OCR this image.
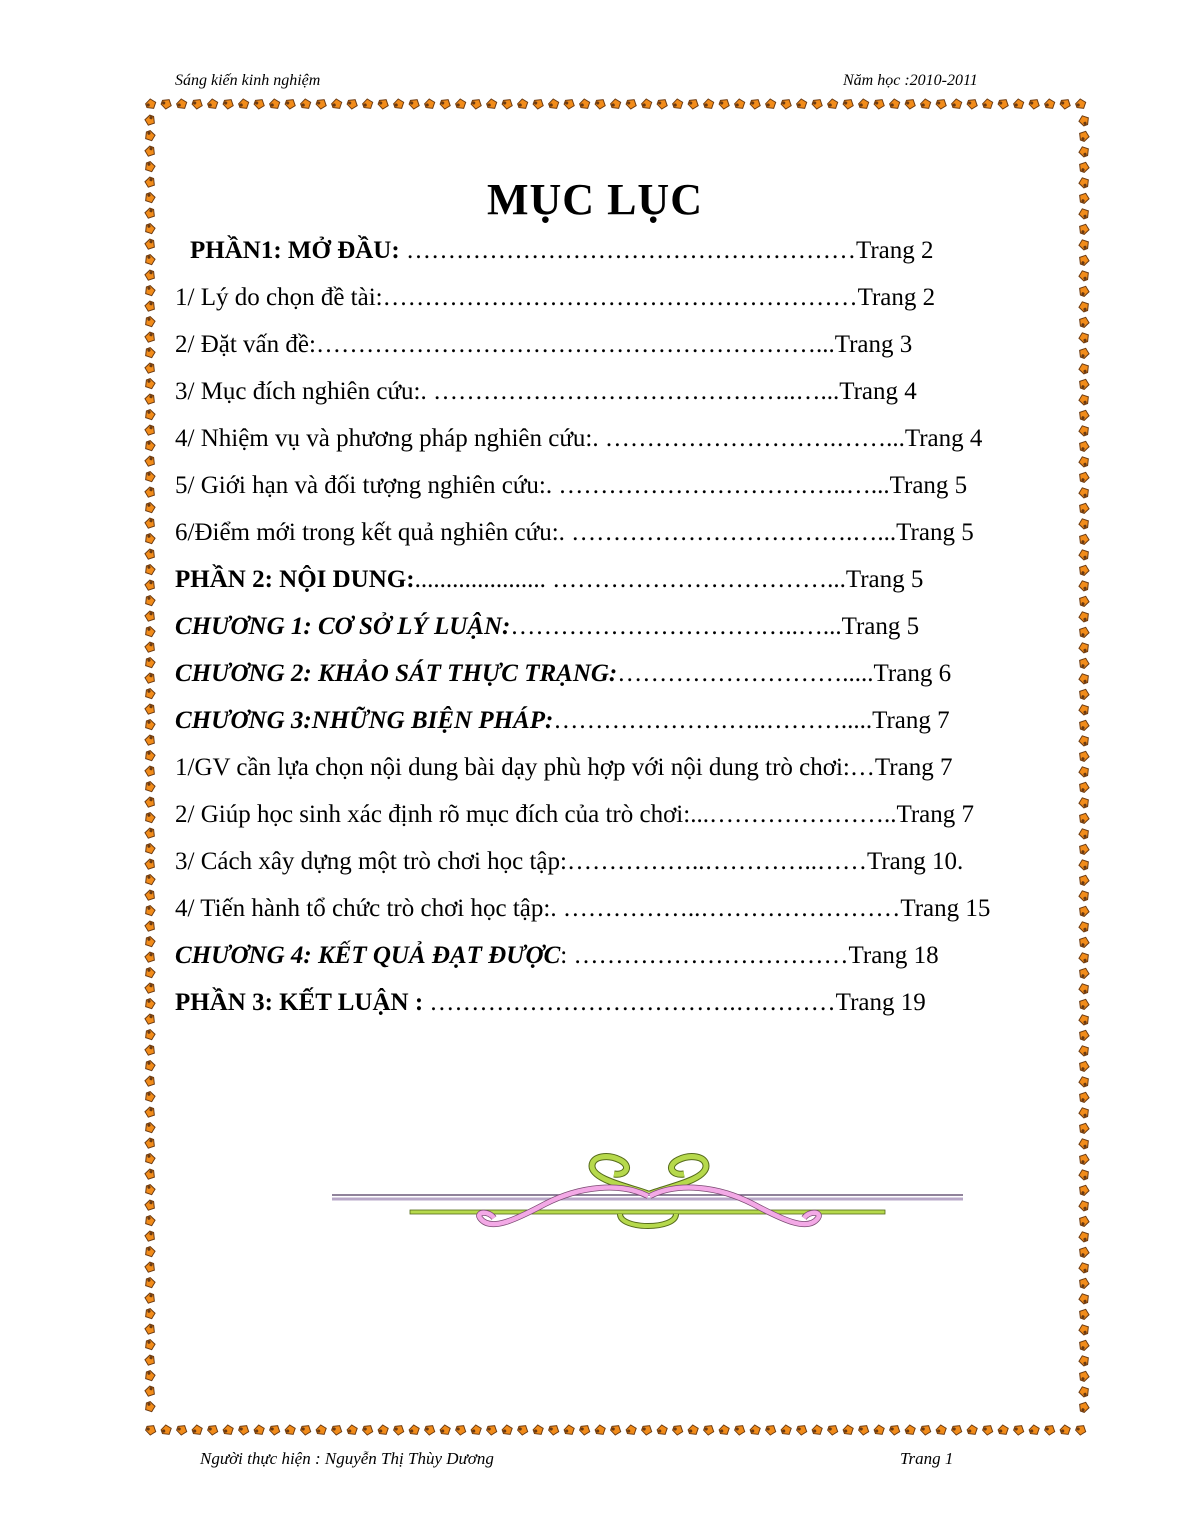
Sáng kiến kinh nghiệm	Năm học :2010-2011
MỤC LỤC
PHẦN1: MỞ ĐẦU: ………………………………………………Trang 2
1/ Lý do chọn đề tài:…………………………………………………Trang 2
2/ Đặt vấn đề:……………………………………………………...Trang 3
3/ Mục đích nghiên cứu:. ……………………………………..…...Trang 4
4/ Nhiệm vụ và phương pháp nghiên cứu:. ……………………….……...Trang 4
5/ Giới hạn và đối tượng nghiên cứu:. ……………………………..…...Trang 5
6/Điểm mới trong kết quả nghiên cứu:. …………………………….…...Trang 5
PHẦN 2: NỘI DUNG:..................... ……………………………...Trang 5
CHƯƠNG 1: CƠ SỞ LÝ LUẬN:……………………………..…...Trang 5
CHƯƠNG 2: KHẢO SÁT THỰC TRẠNG:……………………….....Trang 6
CHƯƠNG 3:NHỮNG BIỆN PHÁP:……………………..……….....Trang 7
1/GV cần lựa chọn nội dung bài dạy phù hợp với nội dung trò chơi:…Trang 7
2/ Giúp học sinh xác định rõ mục đích của trò chơi:...…………………..Trang 7
3/ Cách xây dựng một trò chơi học tập:……………..…………..……Trang 10.
4/ Tiến hành tổ chức trò chơi học tập:. ……………..……………………Trang 15
CHƯƠNG 4: KẾT QUẢ ĐẠT ĐƯỢC: ……………………………Trang 18
PHẦN 3: KẾT LUẬN : ……………………………….…………Trang 19
Người thực hiện : Nguyễn Thị Thùy Dương	Trang 1
